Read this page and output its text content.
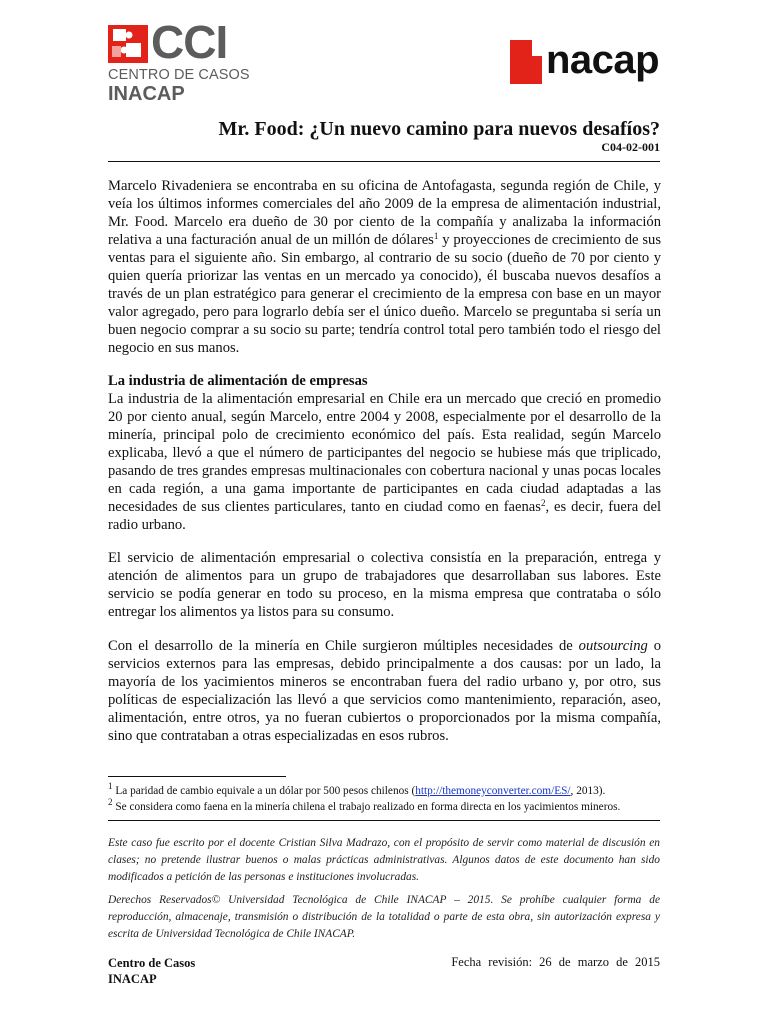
CCI
CENTRO DE CASOS
INACAP
nacap
Mr. Food: ¿Un nuevo camino para nuevos desafíos?
C04-02-001

Marcelo Rivadeniera se encontraba en su oficina de Antofagasta, segunda región de Chile, y veía los últimos informes comerciales del año 2009 de la empresa de alimentación industrial, Mr. Food. Marcelo era dueño de 30 por ciento de la compañía y analizaba la información relativa a una facturación anual de un millón de dólares$^1$ y proyecciones de crecimiento de sus ventas para el siguiente año. Sin embargo, al contrario de su socio (dueño de 70 por ciento y quien quería priorizar las ventas en un mercado ya conocido), él buscaba nuevos desafíos a través de un plan estratégico para generar el crecimiento de la empresa con base en un mayor valor agregado, pero para lograrlo debía ser el único dueño. Marcelo se preguntaba si sería un buen negocio comprar a su socio su parte; tendría control total pero también todo el riesgo del negocio en sus manos.

La industria de alimentación de empresas

La industria de la alimentación empresarial en Chile era un mercado que creció en promedio 20 por ciento anual, según Marcelo, entre 2004 y 2008, especialmente por el desarrollo de la minería, principal polo de crecimiento económico del país. Esta realidad, según Marcelo explicaba, llevó a que el número de participantes del negocio se hubiese más que triplicado, pasando de tres grandes empresas multinacionales con cobertura nacional y unas pocas locales en cada región, a una gama importante de participantes en cada ciudad adaptadas a las necesidades de sus clientes particulares, tanto en ciudad como en faenas$^2$, es decir, fuera del radio urbano.

El servicio de alimentación empresarial o colectiva consistía en la preparación, entrega y atención de alimentos para un grupo de trabajadores que desarrollaban sus labores. Este servicio se podía generar en todo su proceso, en la misma empresa que contrataba o sólo entregar los alimentos ya listos para su consumo.

Con el desarrollo de la minería en Chile surgieron múltiples necesidades de outsourcing o servicios externos para las empresas, debido principalmente a dos causas: por un lado, la mayoría de los yacimientos mineros se encontraban fuera del radio urbano y, por otro, sus políticas de especialización las llevó a que servicios como mantenimiento, reparación, aseo, alimentación, entre otros, ya no fueran cubiertos o proporcionados por la misma compañía, sino que contrataban a otras especializadas en esos rubros.

$^1$ La paridad de cambio equivale a un dólar por 500 pesos chilenos (http://themoneyconverter.com/ES/, 2013).
$^2$ Se considera como faena en la minería chilena el trabajo realizado en forma directa en los yacimientos mineros.
Este caso fue escrito por el docente Cristian Silva Madrazo, con el propósito de servir como material de discusión en clases; no pretende ilustrar buenos o malas prácticas administrativas. Algunos datos de este documento han sido modificados a petición de las personas e instituciones involucradas.
Derechos Reservados© Universidad Tecnológica de Chile INACAP – 2015. Se prohíbe cualquier forma de reproducción, almacenaje, transmisión o distribución de la totalidad o parte de esta obra, sin autorización expresa y escrita de Universidad Tecnológica de Chile INACAP.
Centro de Casos
INACAP
Fecha revisión: 26 de marzo de 2015
